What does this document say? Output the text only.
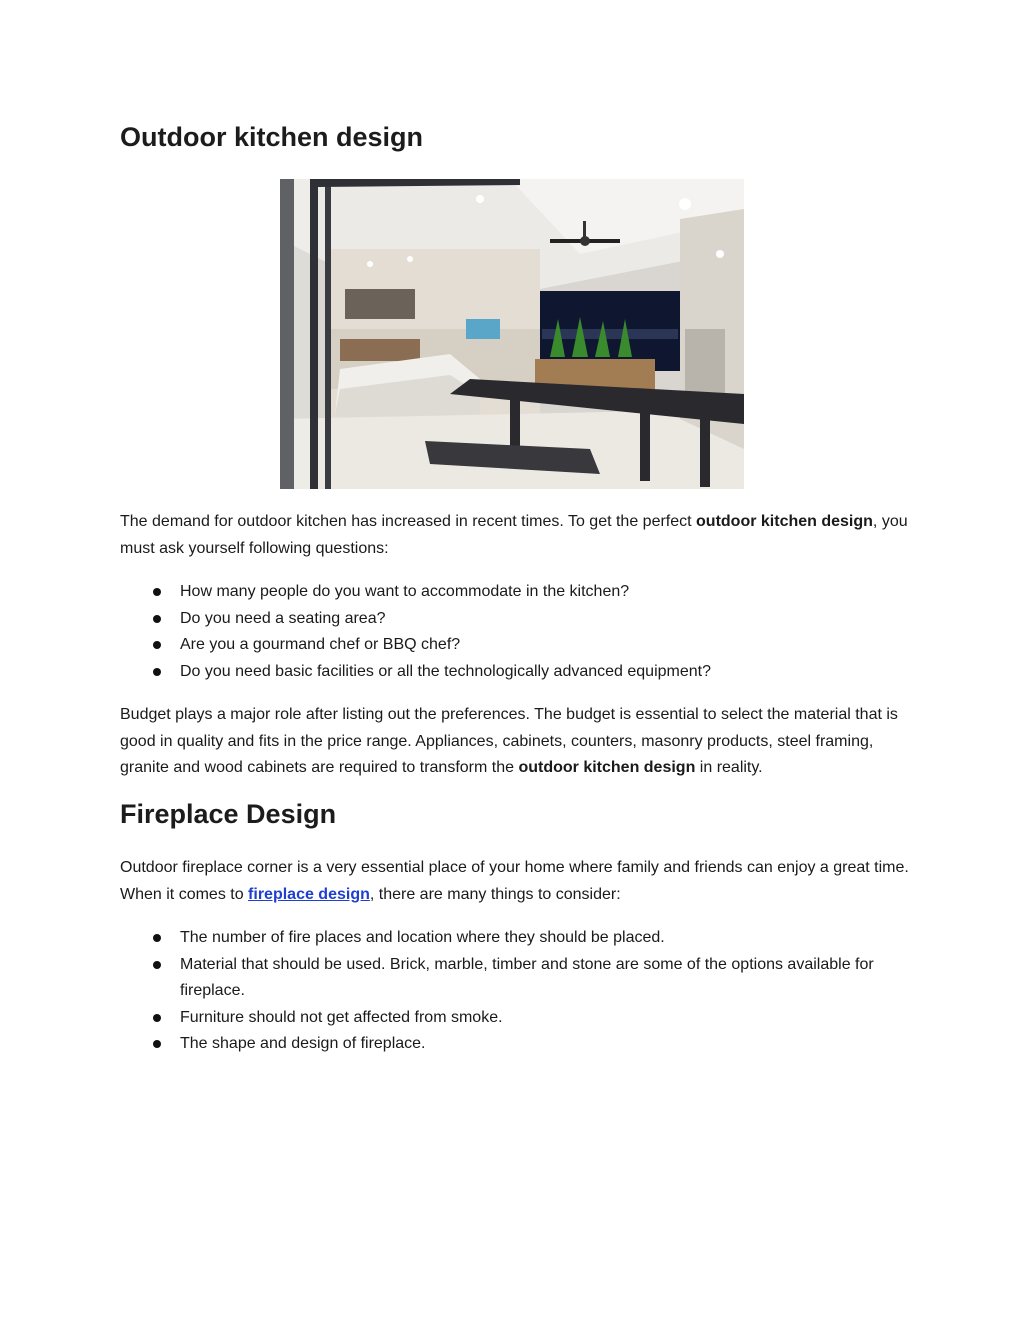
Outdoor kitchen design

The demand for outdoor kitchen has increased in recent times. To get the perfect outdoor kitchen design, you must ask yourself following questions:

How many people do you want to accommodate in the kitchen?
Do you need a seating area?
Are you a gourmand chef or BBQ chef?
Do you need basic facilities or all the technologically advanced equipment?

Budget plays a major role after listing out the preferences. The budget is essential to select the material that is good in quality and fits in the price range. Appliances, cabinets, counters, masonry products, steel framing, granite and wood cabinets are required to transform the outdoor kitchen design in reality.

Fireplace Design

Outdoor fireplace corner is a very essential place of your home where family and friends can enjoy a great time. When it comes to fireplace design, there are many things to consider:

The number of fire places and location where they should be placed.
Material that should be used. Brick, marble, timber and stone are some of the options available for fireplace.
Furniture should not get affected from smoke.
The shape and design of fireplace.
